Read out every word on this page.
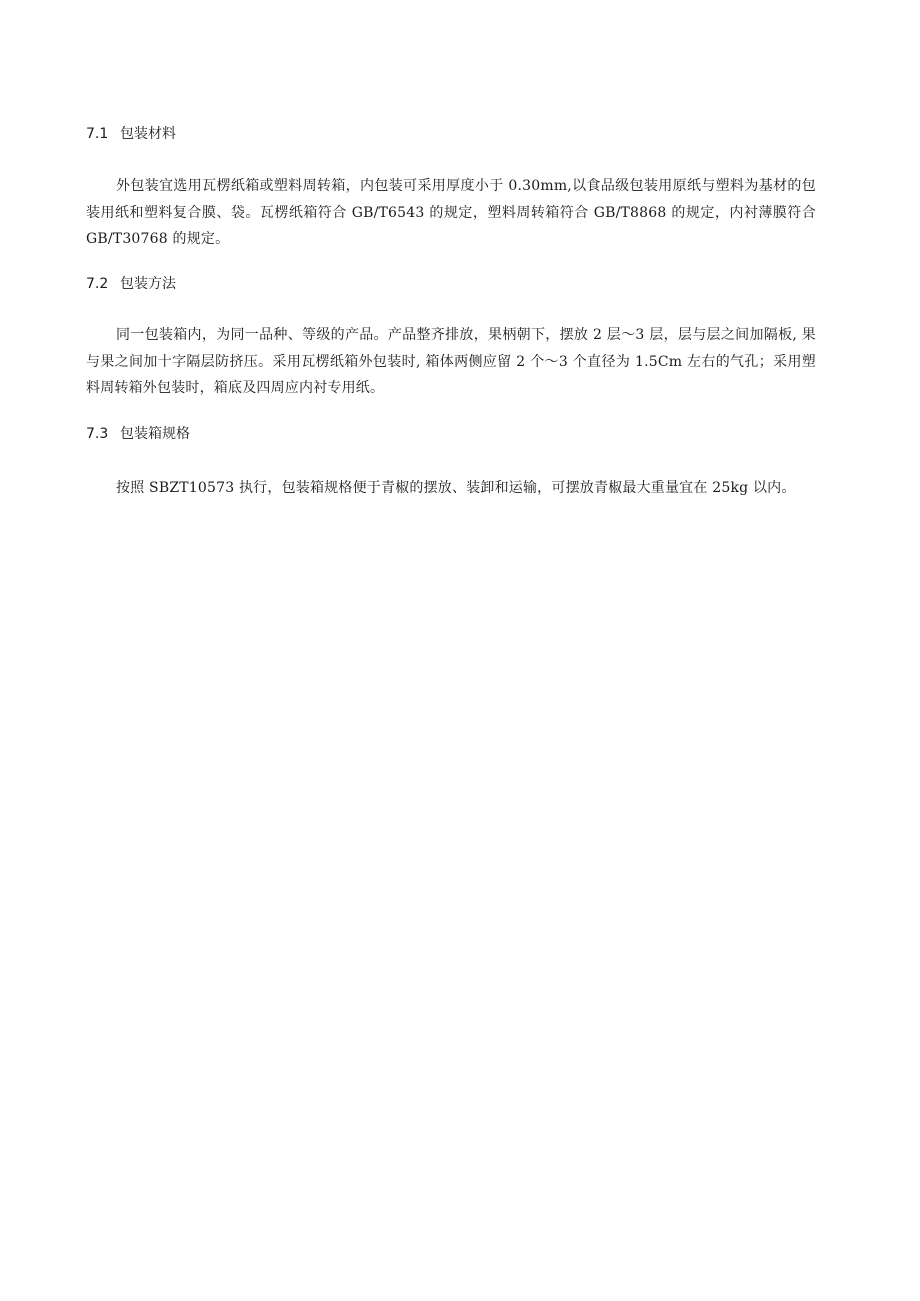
7.1 包装材料
外包装宜选用瓦楞纸箱或塑料周转箱，内包装可采用厚度小于 0.30mm,以食品级包装用原纸与塑料为基材的包装用纸和塑料复合膜、袋。瓦楞纸箱符合 GB/T6543 的规定，塑料周转箱符合 GB/T8868 的规定，内衬薄膜符合 GB/T30768 的规定。
7.2 包装方法
同一包装箱内，为同一品种、等级的产品。产品整齐排放，果柄朝下，摆放 2 层～3 层，层与层之间加隔板, 果与果之间加十字隔层防挤压。采用瓦楞纸箱外包装时, 箱体两侧应留 2 个～3 个直径为 1.5Cm 左右的气孔；采用塑料周转箱外包装时，箱底及四周应内衬专用纸。
7.3 包装箱规格
按照 SBZT10573 执行，包装箱规格便于青椒的摆放、装卸和运输，可摆放青椒最大重量宜在 25kg 以内。
